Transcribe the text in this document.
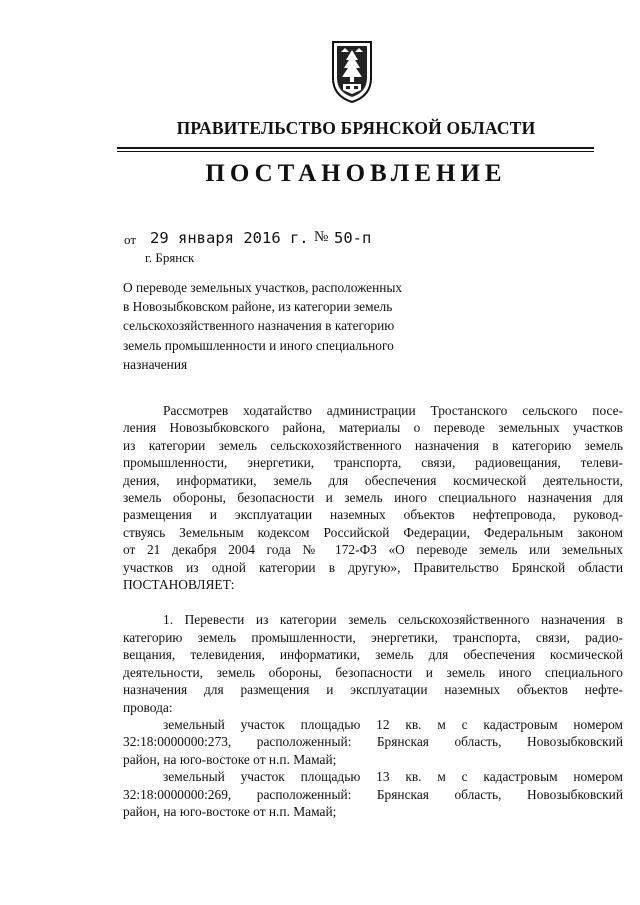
ПРАВИТЕЛЬСТВО БРЯНСКОЙ ОБЛАСТИ
ПОСТАНОВЛЕНИЕ
от 29 января 2016 г. № 50-п
г. Брянск
О переводе земельных участков, расположенных
в Новозыбковском районе, из категории земель
сельскохозяйственного назначения в категорию
земель промышленности и иного специального
назначения
Рассмотрев ходатайство администрации Тростанского сельского посе-
ления Новозыбковского района, материалы о переводе земельных участков
из категории земель сельскохозяйственного назначения в категорию земель
промышленности, энергетики, транспорта, связи, радиовещания, телеви-
дения, информатики, земель для обеспечения космической деятельности,
земель обороны, безопасности и земель иного специального назначения для
размещения и эксплуатации наземных объектов нефтепровода, руковод-
ствуясь Земельным кодексом Российской Федерации, Федеральным законом
от 21 декабря 2004 года № 172-ФЗ «О переводе земель или земельных
участков из одной категории в другую», Правительство Брянской области
ПОСТАНОВЛЯЕТ:
1. Перевести из категории земель сельскохозяйственного назначения в
категорию земель промышленности, энергетики, транспорта, связи, радио-
вещания, телевидения, информатики, земель для обеспечения космической
деятельности, земель обороны, безопасности и земель иного специального
назначения для размещения и эксплуатации наземных объектов нефте-
провода:
земельный участок площадью 12 кв. м с кадастровым номером
32:18:0000000:273, расположенный: Брянская область, Новозыбковский
район, на юго-востоке от н.п. Мамай;
земельный участок площадью 13 кв. м с кадастровым номером
32:18:0000000:269, расположенный: Брянская область, Новозыбковский
район, на юго-востоке от н.п. Мамай;
